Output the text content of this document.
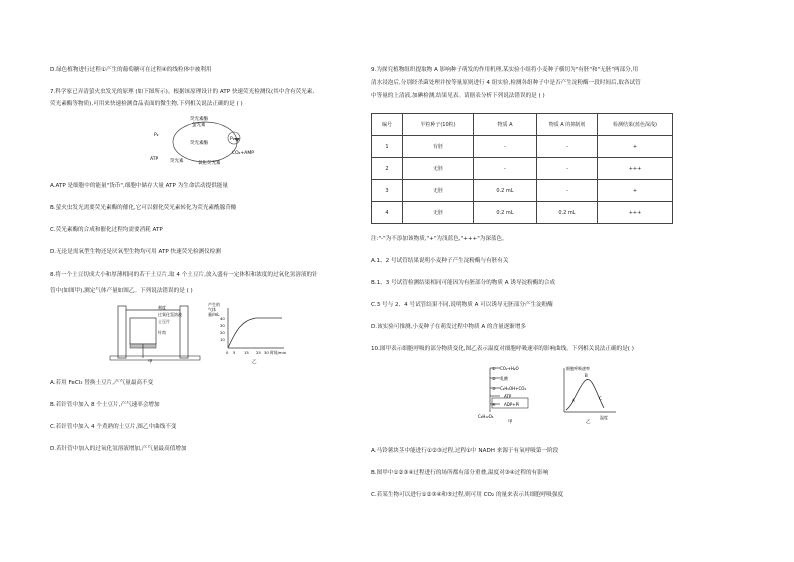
D.绿色植物进行过程①产生的葡萄糖可在过程④的线粒体中被利用
7.科学家已弄清萤火虫发光的原理 (如下图所示)。根据该原理设计的 ATP 快速荧光检测仪(其中含有荧光素、
荧光素酶等物质),可用来快速检测食品表面的微生物,下列相关说法正确的是 ( )
P₂
荧光素酶
萤光素
荧光素酶
P₂
ATP	荧光素	氧化荧光素
CO₂+AMP
A.ATP 是细胞中的能量"货币",细胞中储存大量 ATP 为生命活动提供能量
B.萤火虫发光需要荧光素酶的催化,它可以催化荧光素转化为荧光素酰腺苷酸
C.荧光素酶的合成和催化过程均需要消耗 ATP
D.无论是需氧型生物还是厌氧型生物均可用 ATP 快速荧光检测仪检测
8.将一个土豆切成大小和厚薄相同的若干土豆片,取 4 个土豆片,放入盛有一定体积和浓度的过氧化氢溶液的针
管中(如图甲),测定气体产量如图乙。下列说法错误的是 ( )
刻度
过氧化氢溶液
土豆片
针筒
甲
产生的
气体
量/mL
40
30
20
10
0 5 15 25 30 时间/min
乙
A.若用 FeCl₃ 替换土豆片,产气量最高不变
B.若针管中加入 8 个土豆片,产气速率会增加
C.若针管中加入 4 个煮熟的土豆片,图乙中曲线不变
D.若针管中加入的过氧化氢溶液增加,产气量最高值增加
9.为探究植物组织提取物 A 影响种子萌发的作用机理,某实验小组将小麦种子横切为"有胚"和"无胚"两部分,用
清水浸泡后,分别经杀菌处理并按等量原则进行 4 组实验,检测各组种子中是否产生淀粉酶一段时间后,取各试管
中等量的上清液,加碘检测,结果见表。请据表分析下列说法错误的是 ( )
编号	半粒种子(10粒)	物质 A	物质 A 的抑制剂	检测结果(蓝色深浅)
1	有胚	-	-	+
2	无胚	-	-	+++
3	无胚	0.2 mL	-	+
4	无胚	0.2 mL	0.2 mL	+++
注:"-"为不添加该物质,"+"为浅蓝色,"+++"为深蓝色。
A.1、2 号试管结果说明小麦种子产生淀粉酶与有胚有关
B.1、3 号试管检测结果相同可能因为有胚部分的物质 A 诱导淀粉酶的合成
C.3 号与 2、4 号试管结果不同,说明物质 A 可以诱导无胚部分产生淀粉酶
D.该实验可推测,小麦种子在萌发过程中物质 A 的含量逐渐增多
10.图甲表示细胞呼吸的部分物质变化,图乙表示温度对细胞呼吸速率的影响曲线。下列相关说法正确的是( )
①
②
③
④
CO₂+H₂O
乳酸
C₂H₅OH+CO₂
ATP
ADP+Pi
C₆H₁₂O₆
甲
细胞呼吸速率
温度
A
B
C
乙
A.马铃薯块茎中能进行①②③过程,过程①中 NADH 来源于有氧呼吸第一阶段
B.图甲中①②③④过程进行的场所都有部分重叠,温度对③④过程的有影响
C.若某生物可以进行①②③④和⑤过程,则可用 CO₂ 的量来表示其细胞呼吸强度
